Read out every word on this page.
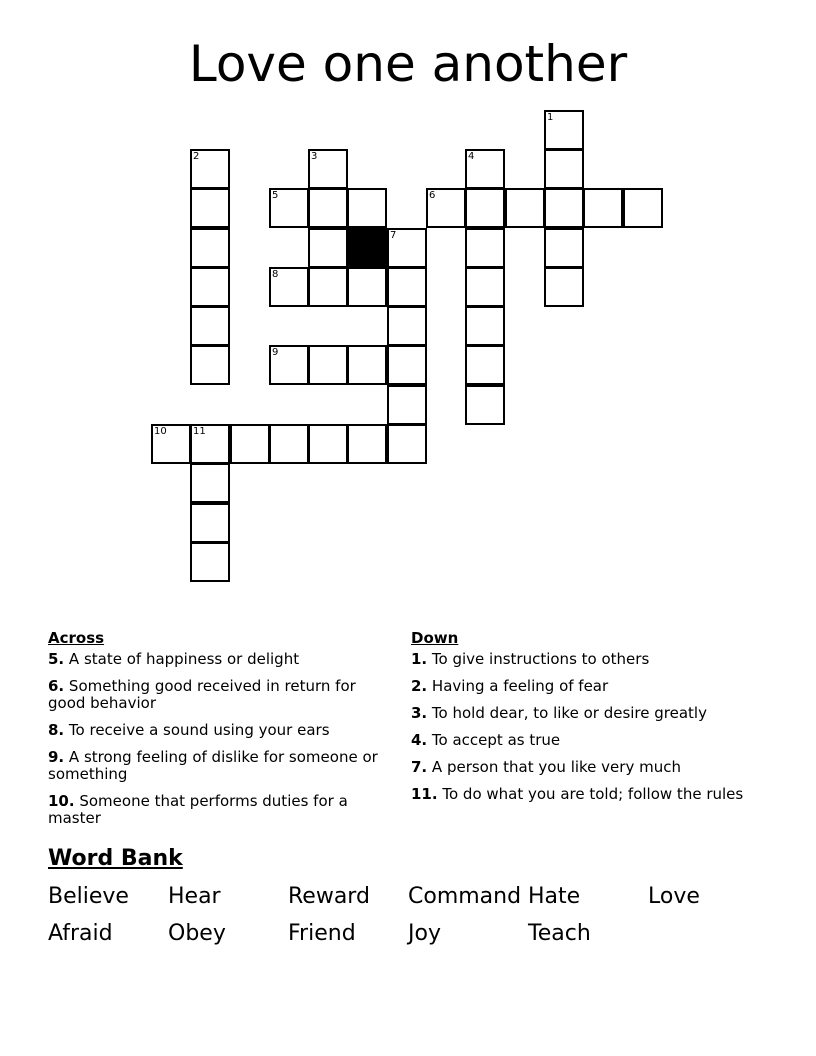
Love one another
1
2	3	4
5	6
7
8
9
10	11
Across
5. A state of happiness or delight
6. Something good received in return for good behavior
8. To receive a sound using your ears
9. A strong feeling of dislike for someone or something
10. Someone that performs duties for a master
Down
1. To give instructions to others
2. Having a feeling of fear
3. To hold dear, to like or desire greatly
4. To accept as true
7. A person that you like very much
11. To do what you are told; follow the rules
Word Bank
Believe Hear	Reward Command Hate	Love
Afraid	Obey	Friend Joy	Teach
